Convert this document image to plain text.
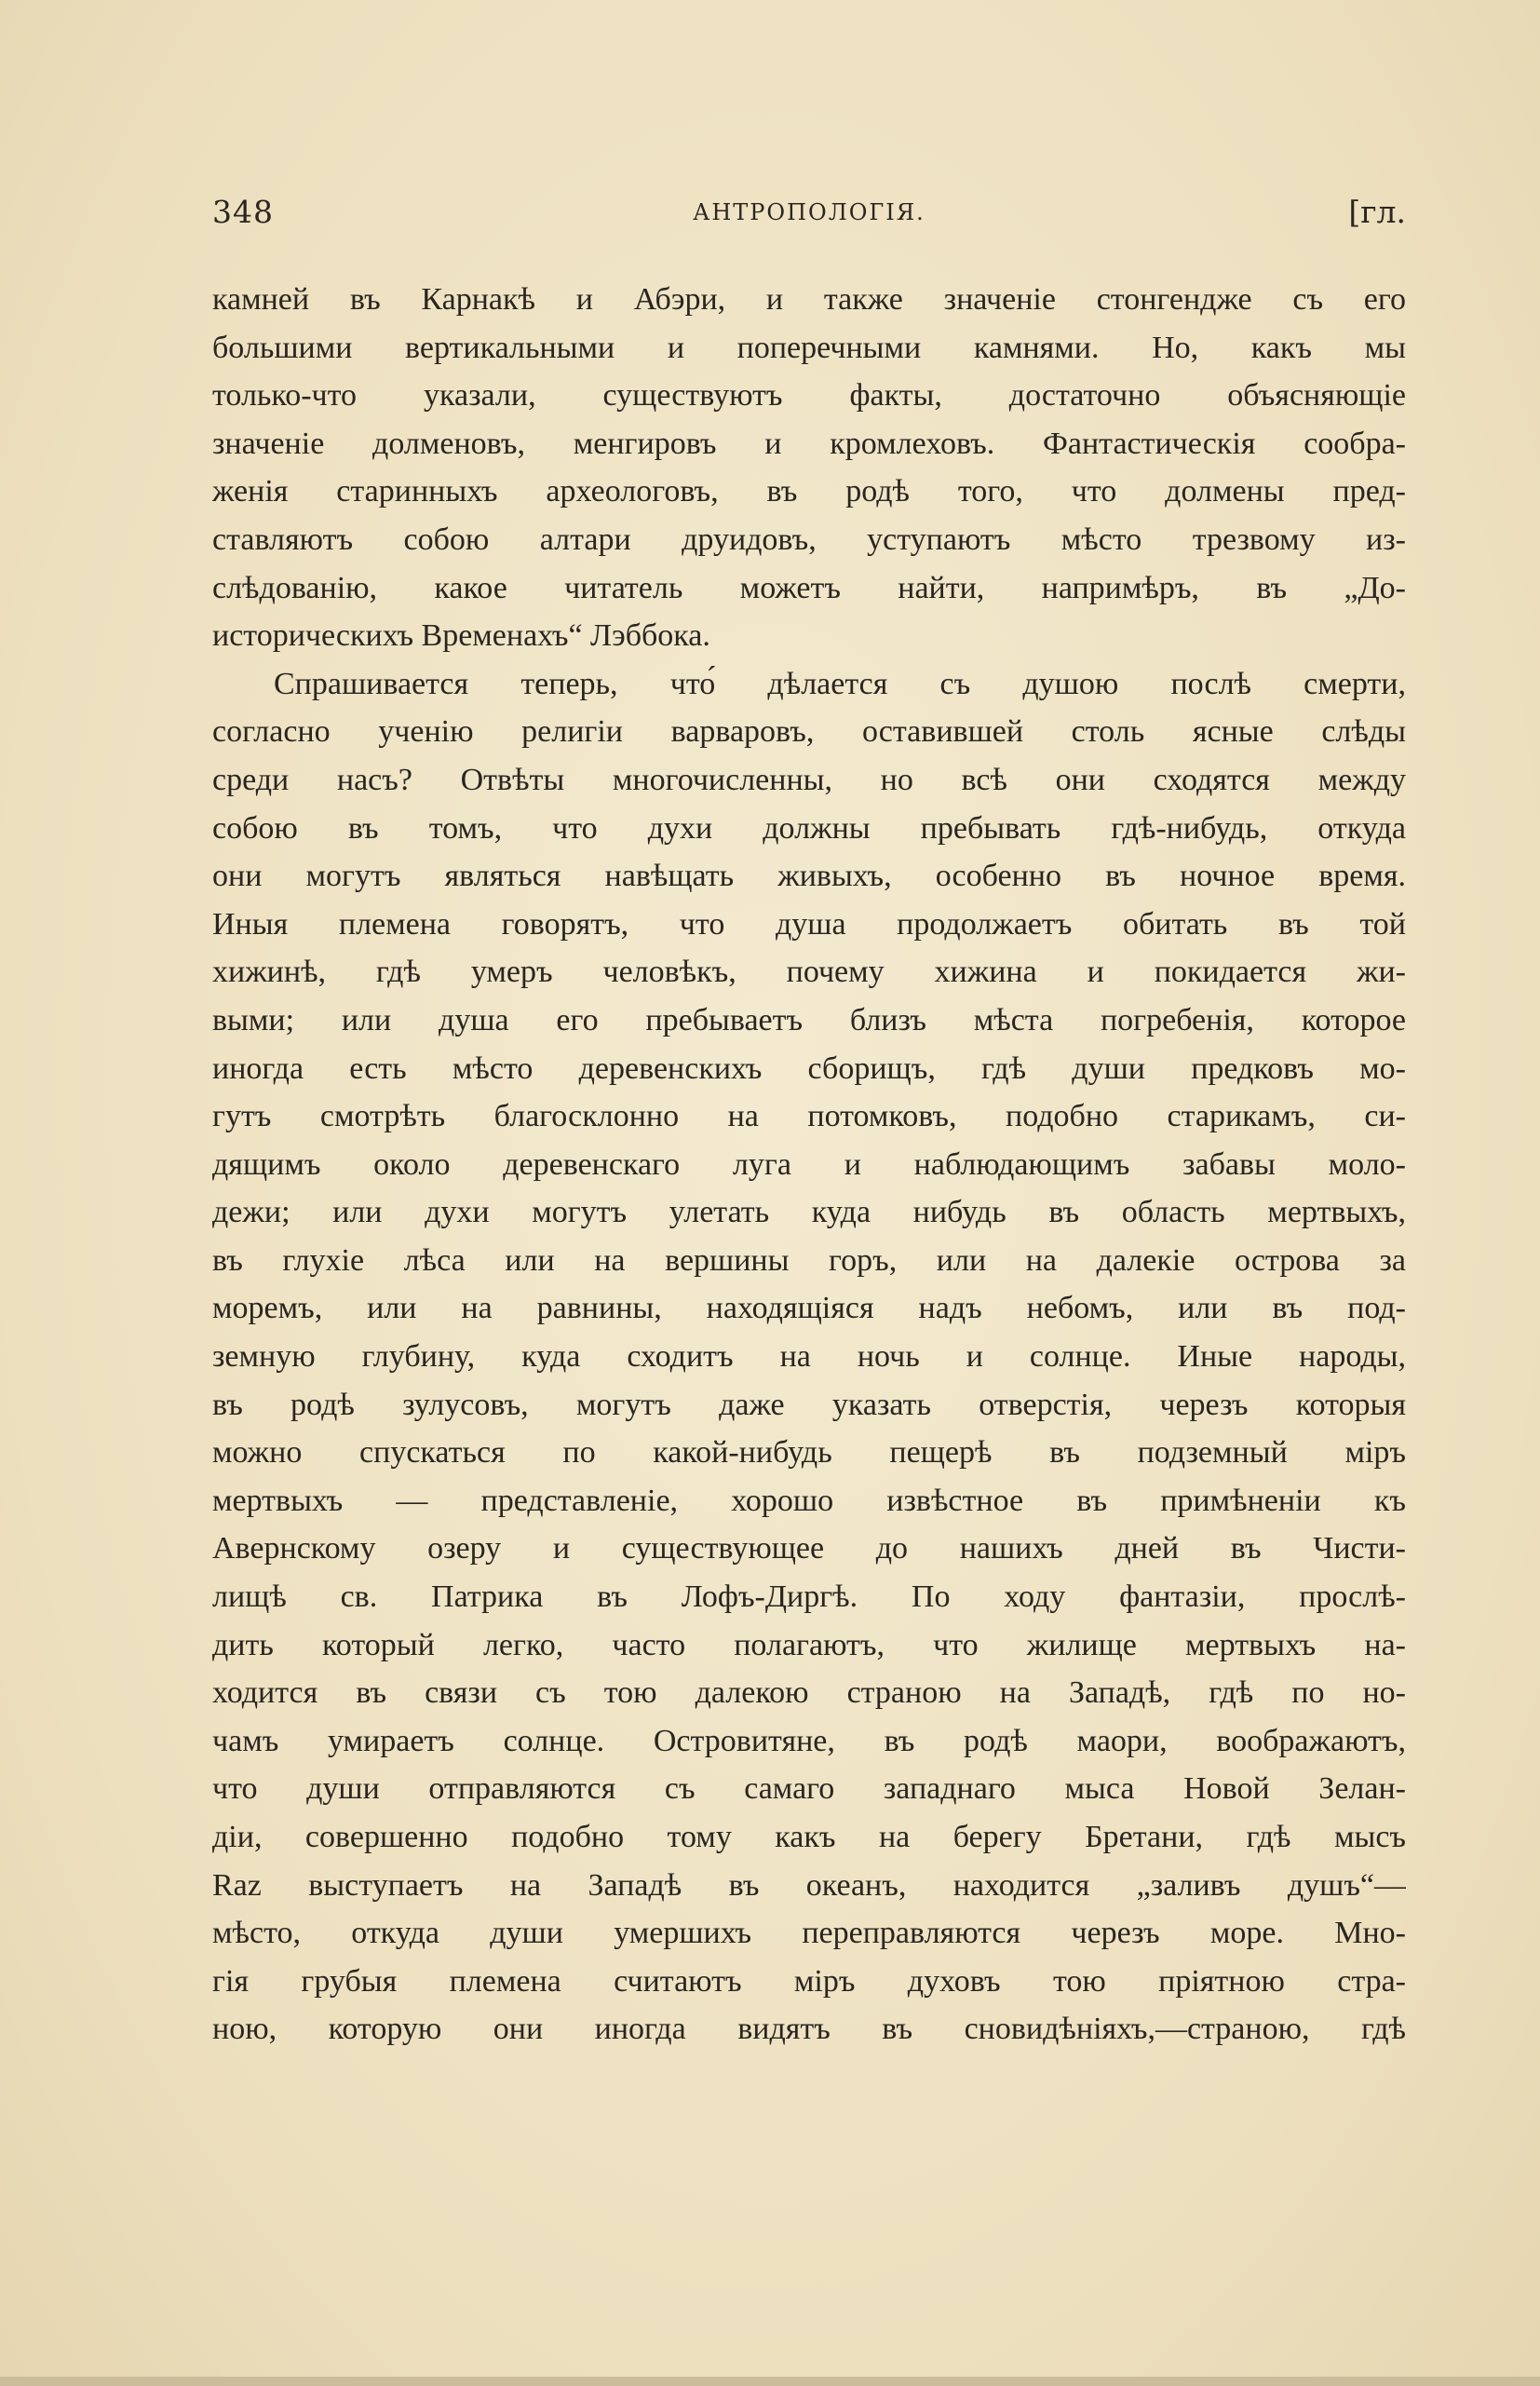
348	АНТРОПОЛОГІЯ.	[гл.
камней въ Карнакѣ и Абэри, и также значеніе стонгендже съ его
большими вертикальными и поперечными камнями. Но, какъ мы
только-что указали, существуютъ факты, достаточно объясняющіе
значеніе долменовъ, менгировъ и кромлеховъ. Фантастическія сообра-
женія старинныхъ археологовъ, въ родѣ того, что долмены пред-
ставляютъ собою алтари друидовъ, уступаютъ мѣсто трезвому из-
слѣдованію, какое читатель можетъ найти, напримѣръ, въ „До-
историческихъ Временахъ“ Лэббока.
Спрашивается теперь, что́ дѣлается съ душою послѣ смерти,
согласно ученію религіи варваровъ, оставившей столь ясные слѣды
среди насъ? Отвѣты многочисленны, но всѣ они сходятся между
собою въ томъ, что духи должны пребывать гдѣ-нибудь, откуда
они могутъ являться навѣщать живыхъ, особенно въ ночное время.
Иныя племена говорятъ, что душа продолжаетъ обитать въ той
хижинѣ, гдѣ умеръ человѣкъ, почему хижина и покидается жи-
выми; или душа его пребываетъ близъ мѣста погребенія, которое
иногда есть мѣсто деревенскихъ сборищъ, гдѣ души предковъ мо-
гутъ смотрѣть благосклонно на потомковъ, подобно старикамъ, си-
дящимъ около деревенскаго луга и наблюдающимъ забавы моло-
дежи; или духи могутъ улетать куда нибудь въ область мертвыхъ,
въ глухіе лѣса или на вершины горъ, или на далекіе острова за
моремъ, или на равнины, находящіяся надъ небомъ, или въ под-
земную глубину, куда сходитъ на ночь и солнце. Иные народы,
въ родѣ зулусовъ, могутъ даже указать отверстія, черезъ которыя
можно спускаться по какой-нибудь пещерѣ въ подземный міръ
мертвыхъ — представленіе, хорошо извѣстное въ примѣненіи къ
Авернскому озеру и существующее до нашихъ дней въ Чисти-
лищѣ св. Патрика въ Лофъ-Диргѣ. По ходу фантазіи, прослѣ-
дить который легко, часто полагаютъ, что жилище мертвыхъ на-
ходится въ связи съ тою далекою страною на Западѣ, гдѣ по но-
чамъ умираетъ солнце. Островитяне, въ родѣ маори, воображаютъ,
что души отправляются съ самаго западнаго мыса Новой Зелан-
діи, совершенно подобно тому какъ на берегу Бретани, гдѣ мысъ
Raz выступаетъ на Западѣ въ океанъ, находится „заливъ душъ“—
мѣсто, откуда души умершихъ переправляются черезъ море. Мно-
гія грубыя племена считаютъ міръ духовъ тою пріятною стра-
ною, которую они иногда видятъ въ сновидѣніяхъ,—страною, гдѣ
